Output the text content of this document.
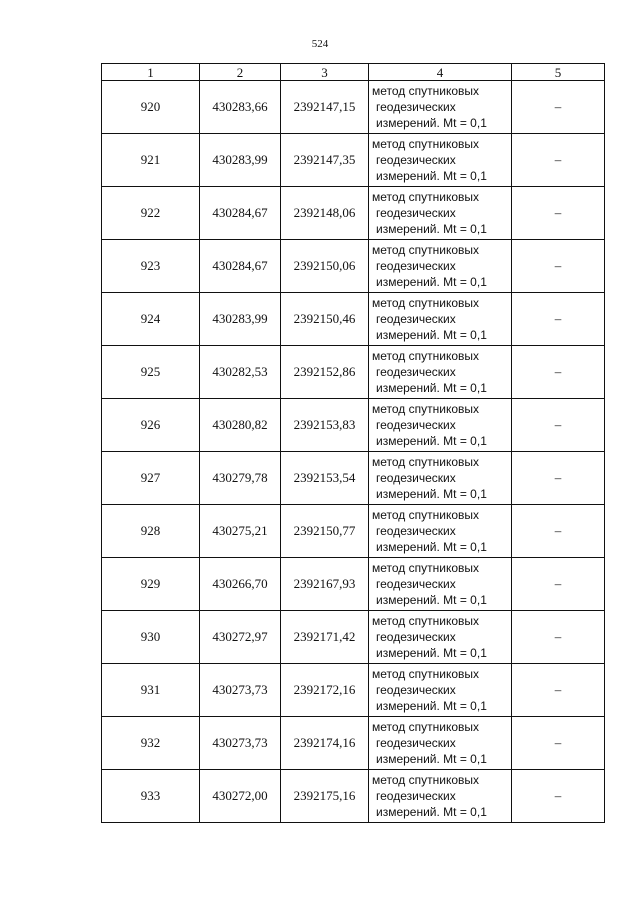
524
1	2	3	4	5
920	430283,66	2392147,15	метод спутниковых
геодезических
измерений. Mt = 0,1	–
921	430283,99	2392147,35	метод спутниковых
геодезических
измерений. Mt = 0,1	–
922	430284,67	2392148,06	метод спутниковых
геодезических
измерений. Mt = 0,1	–
923	430284,67	2392150,06	метод спутниковых
геодезических
измерений. Mt = 0,1	–
924	430283,99	2392150,46	метод спутниковых
геодезических
измерений. Mt = 0,1	–
925	430282,53	2392152,86	метод спутниковых
геодезических
измерений. Mt = 0,1	–
926	430280,82	2392153,83	метод спутниковых
геодезических
измерений. Mt = 0,1	–
927	430279,78	2392153,54	метод спутниковых
геодезических
измерений. Mt = 0,1	–
928	430275,21	2392150,77	метод спутниковых
геодезических
измерений. Mt = 0,1	–
929	430266,70	2392167,93	метод спутниковых
геодезических
измерений. Mt = 0,1	–
930	430272,97	2392171,42	метод спутниковых
геодезических
измерений. Mt = 0,1	–
931	430273,73	2392172,16	метод спутниковых
геодезических
измерений. Mt = 0,1	–
932	430273,73	2392174,16	метод спутниковых
геодезических
измерений. Mt = 0,1	–
933	430272,00	2392175,16	метод спутниковых
геодезических
измерений. Mt = 0,1	–
